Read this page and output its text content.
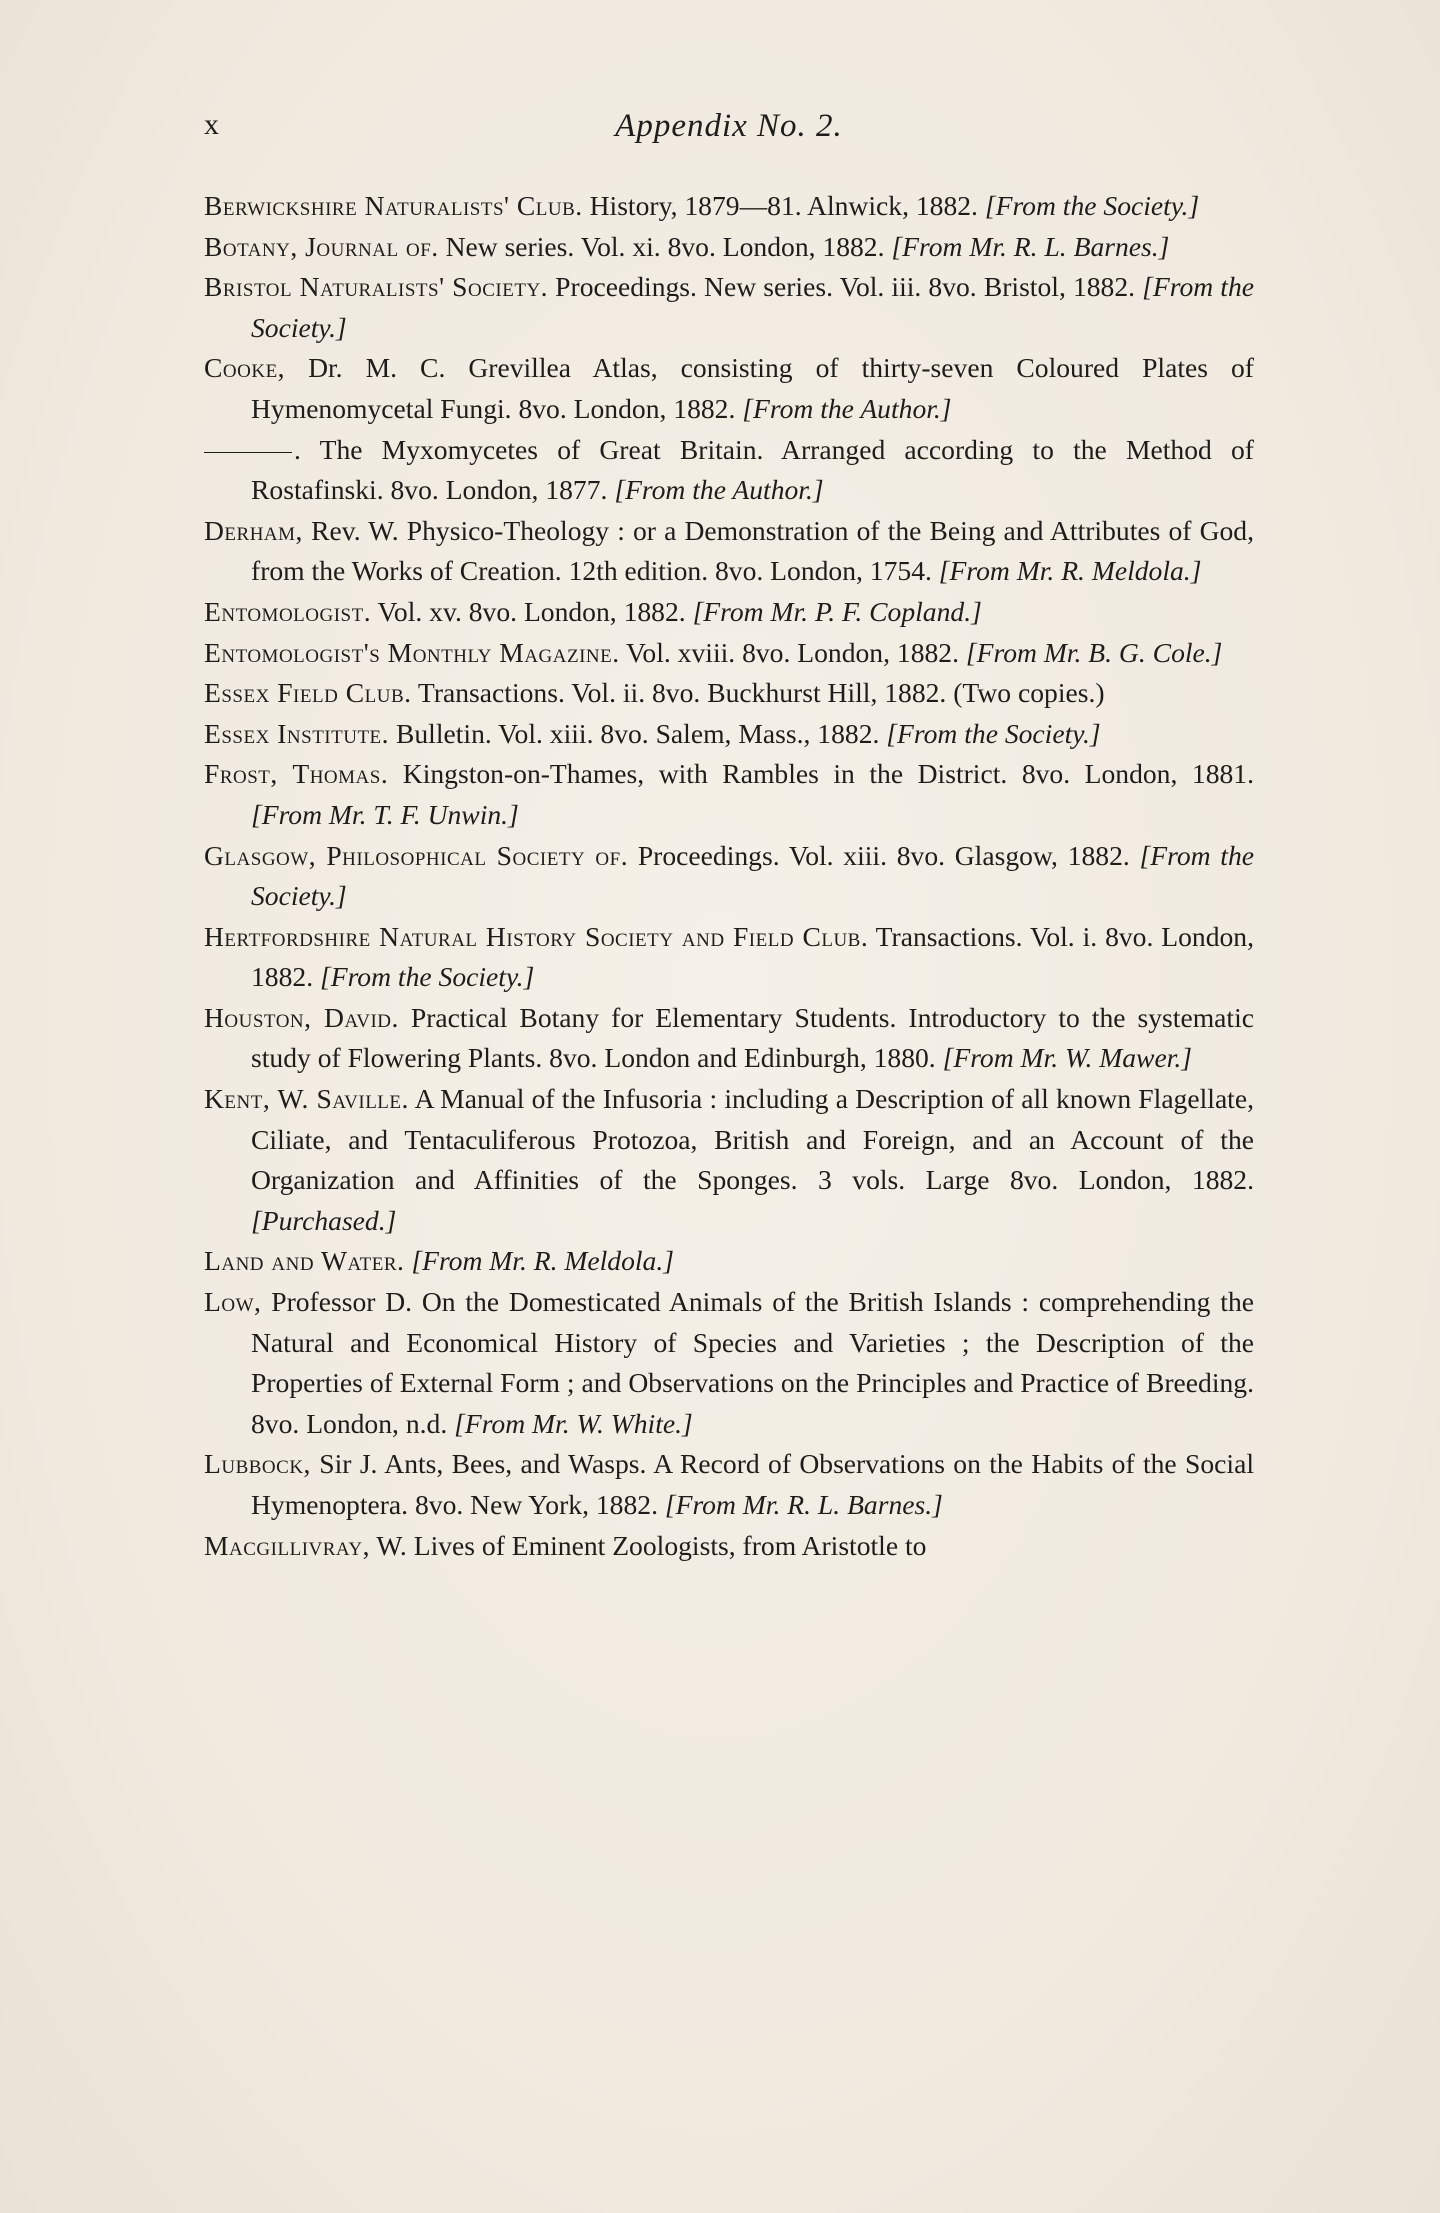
x	Appendix No. 2.

Berwickshire Naturalists' Club. History, 1879—81. Alnwick, 1882. [From the Society.]

Botany, Journal of. New series. Vol. xi. 8vo. London, 1882. [From Mr. R. L. Barnes.]

Bristol Naturalists' Society. Proceedings. New series. Vol. iii. 8vo. Bristol, 1882. [From the Society.]

Cooke, Dr. M. C. Grevillea Atlas, consisting of thirty-seven Coloured Plates of Hymenomycetal Fungi. 8vo. London, 1882. [From the Author.]

. The Myxomycetes of Great Britain. Arranged according to the Method of Rostafinski. 8vo. London, 1877. [From the Author.]

Derham, Rev. W. Physico-Theology : or a Demonstration of the Being and Attributes of God, from the Works of Creation. 12th edition. 8vo. London, 1754. [From Mr. R. Meldola.]

Entomologist. Vol. xv. 8vo. London, 1882. [From Mr. P. F. Copland.]

Entomologist's Monthly Magazine. Vol. xviii. 8vo. London, 1882. [From Mr. B. G. Cole.]

Essex Field Club. Transactions. Vol. ii. 8vo. Buckhurst Hill, 1882. (Two copies.)

Essex Institute. Bulletin. Vol. xiii. 8vo. Salem, Mass., 1882. [From the Society.]

Frost, Thomas. Kingston-on-Thames, with Rambles in the District. 8vo. London, 1881. [From Mr. T. F. Unwin.]

Glasgow, Philosophical Society of. Proceedings. Vol. xiii. 8vo. Glasgow, 1882. [From the Society.]

Hertfordshire Natural History Society and Field Club. Transactions. Vol. i. 8vo. London, 1882. [From the Society.]

Houston, David. Practical Botany for Elementary Students. Introductory to the systematic study of Flowering Plants. 8vo. London and Edinburgh, 1880. [From Mr. W. Mawer.]

Kent, W. Saville. A Manual of the Infusoria : including a Description of all known Flagellate, Ciliate, and Tentaculiferous Protozoa, British and Foreign, and an Account of the Organization and Affinities of the Sponges. 3 vols. Large 8vo. London, 1882. [Purchased.]

Land and Water. [From Mr. R. Meldola.]

Low, Professor D. On the Domesticated Animals of the British Islands : comprehending the Natural and Economical History of Species and Varieties ; the Description of the Properties of External Form ; and Observations on the Principles and Practice of Breeding. 8vo. London, n.d. [From Mr. W. White.]

Lubbock, Sir J. Ants, Bees, and Wasps. A Record of Observations on the Habits of the Social Hymenoptera. 8vo. New York, 1882. [From Mr. R. L. Barnes.]

Macgillivray, W. Lives of Eminent Zoologists, from Aristotle to
